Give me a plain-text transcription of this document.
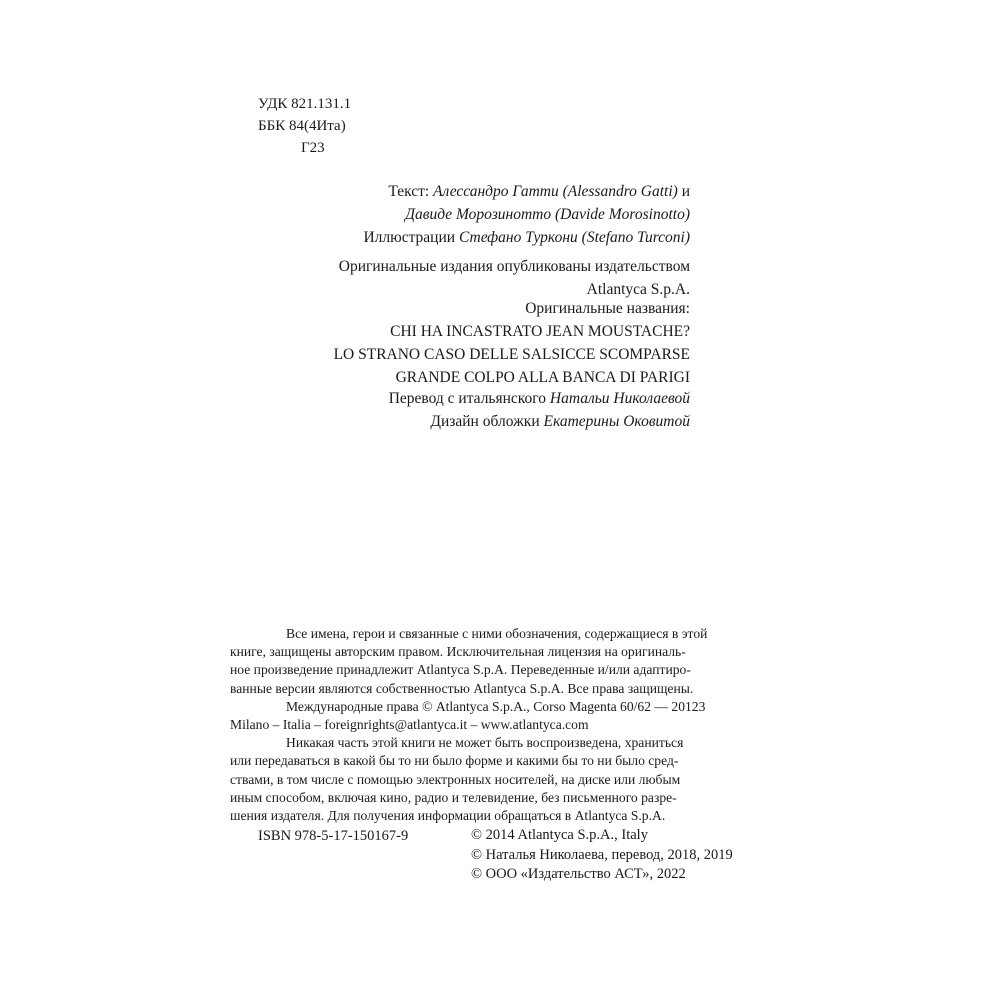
УДК 821.131.1
ББК 84(4Ита)
Г23
Текст: Алессандро Гатти (Alessandro Gatti) и
Давиде Морозинотто (Davide Morosinotto)
Иллюстрации Стефано Туркони (Stefano Turconi)
Оригинальные издания опубликованы издательством
Atlantyca S.p.A.
Оригинальные названия:
CHI HA INCASTRATO JEAN MOUSTACHE?
LO STRANO CASO DELLE SALSICCE SCOMPARSE
GRANDE COLPO ALLA BANCA DI PARIGI
Перевод с итальянского Натальи Николаевой
Дизайн обложки Екатерины Оковитой
Все имена, герои и связанные с ними обозначения, содержащиеся в этой
книге, защищены авторским правом. Исключительная лицензия на оригиналь-
ное произведение принадлежит Atlantyca S.p.A. Переведенные и/или адаптиро-
ванные версии являются собственностью Atlantyca S.p.A. Все права защищены.
Международные права © Atlantyca S.p.A., Corso Magenta 60/62 — 20123
Milano – Italia – foreignrights@atlantyca.it – www.atlantyca.com
Никакая часть этой книги не может быть воспроизведена, храниться
или передаваться в какой бы то ни было форме и какими бы то ни было сред-
ствами, в том числе с помощью электронных носителей, на диске или любым
иным способом, включая кино, радио и телевидение, без письменного разре-
шения издателя. Для получения информации обращаться в Atlantyca S.p.A.
ISBN 978-5-17-150167-9	© 2014 Atlantyca S.p.A., Italy
© Наталья Николаева, перевод, 2018, 2019
© ООО «Издательство АСТ», 2022
